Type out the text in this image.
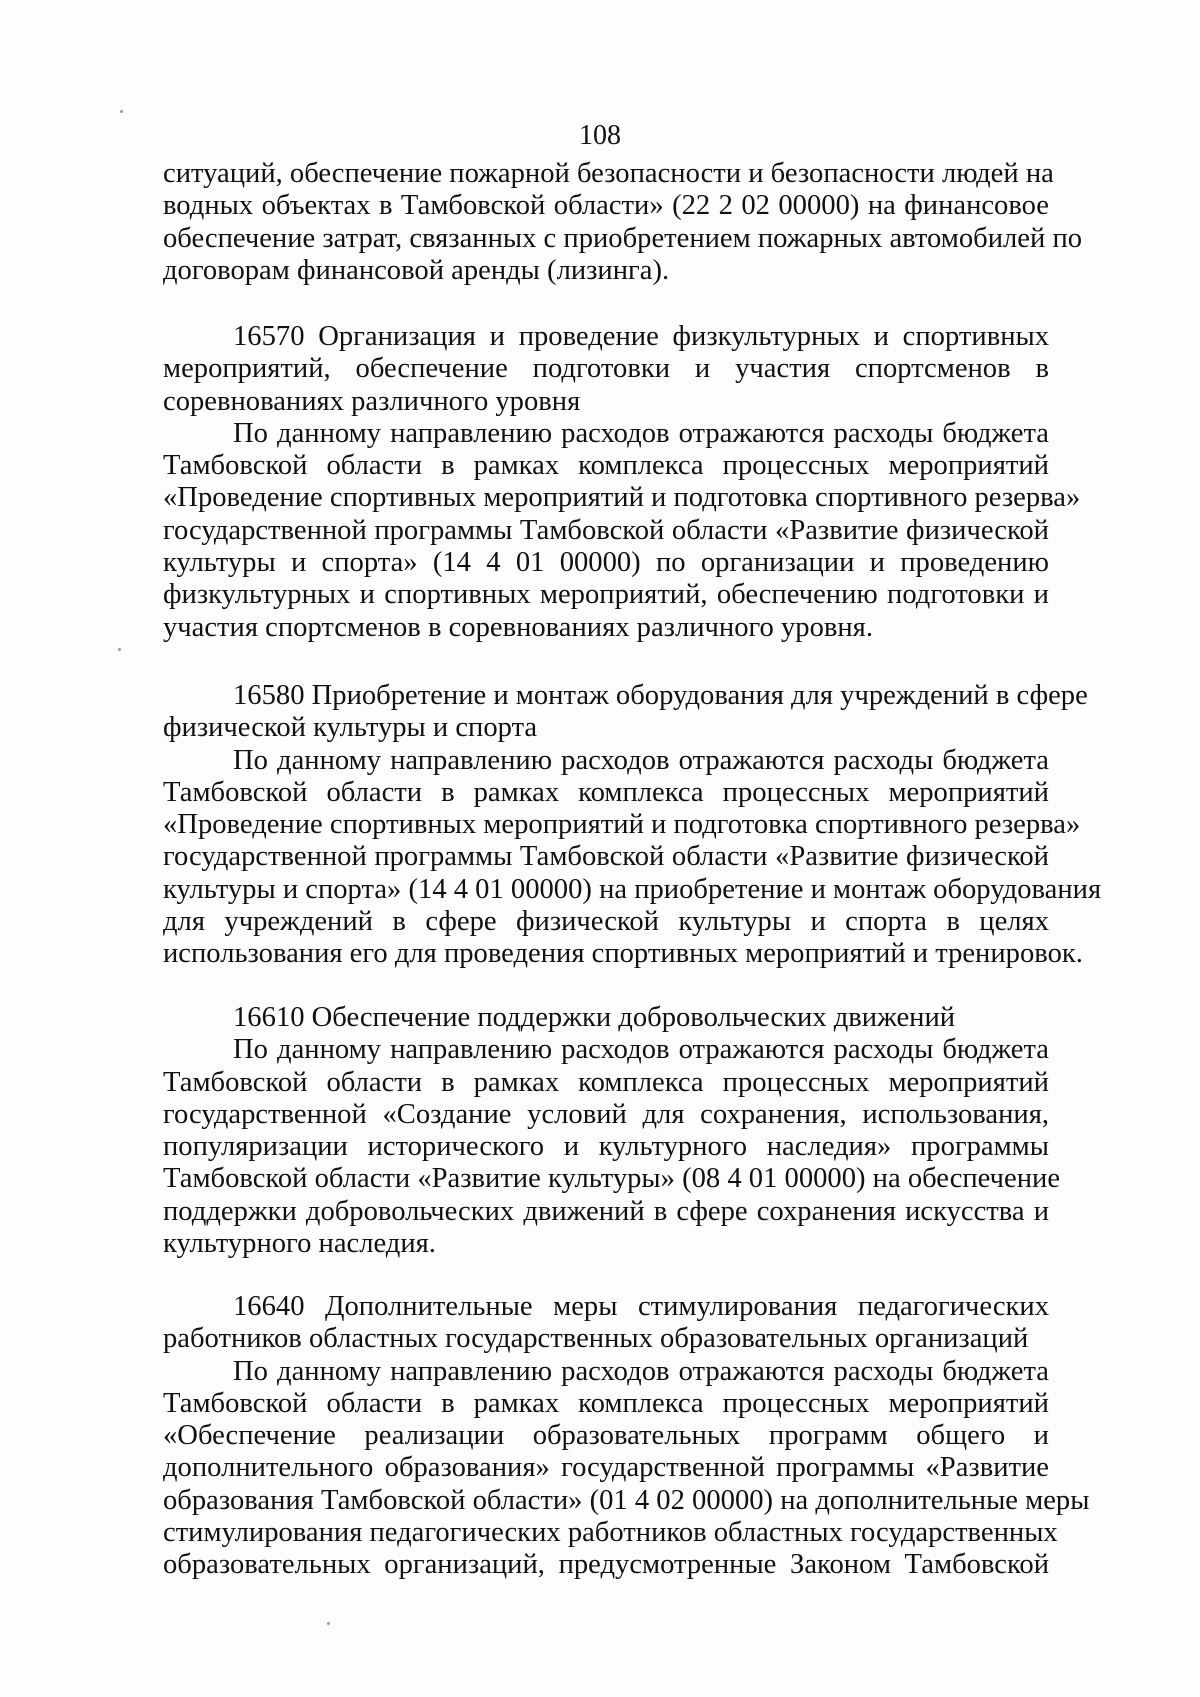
108
ситуаций, обеспечение пожарной безопасности и безопасности людей на
водных объектах в Тамбовской области» (22 2 02 00000) на финансовое
обеспечение затрат, связанных с приобретением пожарных автомобилей по
договорам финансовой аренды (лизинга).
16570 Организация и проведение физкультурных и спортивных
мероприятий, обеспечение подготовки и участия спортсменов в
соревнованиях различного уровня
По данному направлению расходов отражаются расходы бюджета
Тамбовской области в рамках комплекса процессных мероприятий
«Проведение спортивных мероприятий и подготовка спортивного резерва»
государственной программы Тамбовской области «Развитие физической
культуры и спорта» (14 4 01 00000) по организации и проведению
физкультурных и спортивных мероприятий, обеспечению подготовки и
участия спортсменов в соревнованиях различного уровня.
16580 Приобретение и монтаж оборудования для учреждений в сфере
физической культуры и спорта
По данному направлению расходов отражаются расходы бюджета
Тамбовской области в рамках комплекса процессных мероприятий
«Проведение спортивных мероприятий и подготовка спортивного резерва»
государственной программы Тамбовской области «Развитие физической
культуры и спорта» (14 4 01 00000) на приобретение и монтаж оборудования
для учреждений в сфере физической культуры и спорта в целях
использования его для проведения спортивных мероприятий и тренировок.
16610 Обеспечение поддержки добровольческих движений
По данному направлению расходов отражаются расходы бюджета
Тамбовской области в рамках комплекса процессных мероприятий
государственной «Создание условий для сохранения, использования,
популяризации исторического и культурного наследия» программы
Тамбовской области «Развитие культуры» (08 4 01 00000) на обеспечение
поддержки добровольческих движений в сфере сохранения искусства и
культурного наследия.
16640 Дополнительные меры стимулирования педагогических
работников областных государственных образовательных организаций
По данному направлению расходов отражаются расходы бюджета
Тамбовской области в рамках комплекса процессных мероприятий
«Обеспечение реализации образовательных программ общего и
дополнительного образования» государственной программы «Развитие
образования Тамбовской области» (01 4 02 00000) на дополнительные меры
стимулирования педагогических работников областных государственных
образовательных организаций, предусмотренные Законом Тамбовской
